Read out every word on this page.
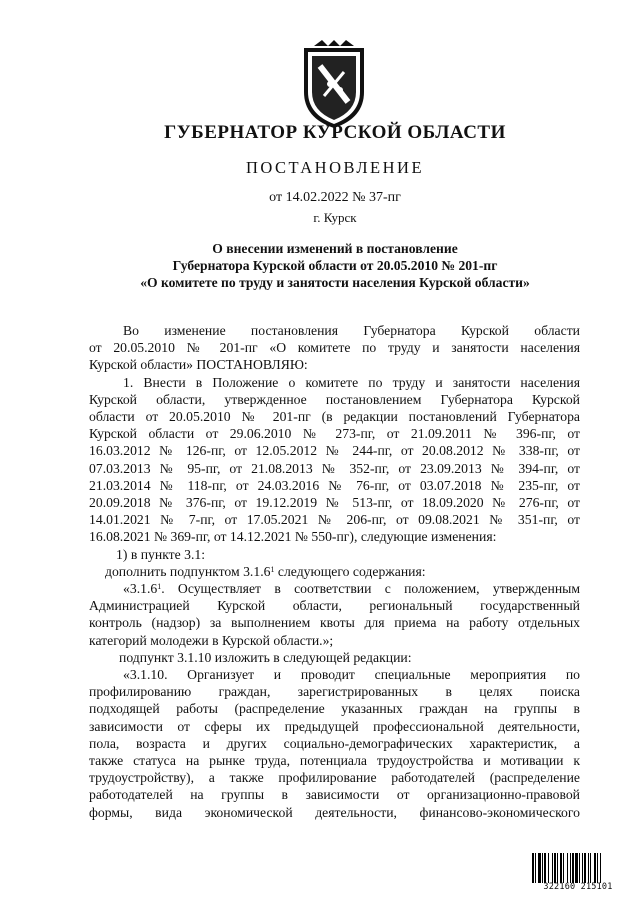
ГУБЕРНАТОР КУРСКОЙ ОБЛАСТИ
ПОСТАНОВЛЕНИЕ
от 14.02.2022 № 37-пг
г. Курск
О внесении изменений в постановление
Губернатора Курской области от 20.05.2010 № 201-пг
«О комитете по труду и занятости населения Курской области»
Во изменение постановления Губернатора Курской области
от 20.05.2010 № 201-пг «О комитете по труду и занятости населения
Курской области» ПОСТАНОВЛЯЮ:
1. Внести в Положение о комитете по труду и занятости населения
Курской области, утвержденное постановлением Губернатора Курской
области от 20.05.2010 № 201-пг (в редакции постановлений Губернатора
Курской области от 29.06.2010 № 273-пг, от 21.09.2011 № 396-пг, от
16.03.2012 № 126-пг, от 12.05.2012 № 244-пг, от 20.08.2012 № 338-пг, от
07.03.2013 № 95-пг, от 21.08.2013 № 352-пг, от 23.09.2013 № 394-пг, от
21.03.2014 № 118-пг, от 24.03.2016 № 76-пг, от 03.07.2018 № 235-пг, от
20.09.2018 № 376-пг, от 19.12.2019 № 513-пг, от 18.09.2020 № 276-пг, от
14.01.2021 № 7-пг, от 17.05.2021 № 206-пг, от 09.08.2021 № 351-пг, от
16.08.2021 № 369-пг, от 14.12.2021 № 550-пг), следующие изменения:
1) в пункте 3.1:
дополнить подпунктом 3.1.6$^1$ следующего содержания:
«3.1.6$^1$. Осуществляет в соответствии с положением, утвержденным
Администрацией Курской области, региональный государственный
контроль (надзор) за выполнением квоты для приема на работу отдельных
категорий молодежи в Курской области.»;
подпункт 3.1.10 изложить в следующей редакции:
«3.1.10. Организует и проводит специальные мероприятия по
профилированию граждан, зарегистрированных в целях поиска
подходящей работы (распределение указанных граждан на группы в
зависимости от сферы их предыдущей профессиональной деятельности,
пола, возраста и других социально-демографических характеристик, а
также статуса на рынке труда, потенциала трудоустройства и мотивации к
трудоустройству), а также профилирование работодателей (распределение
работодателей на группы в зависимости от организационно-правовой
формы, вида экономической деятельности, финансово-экономического
322160 215101
